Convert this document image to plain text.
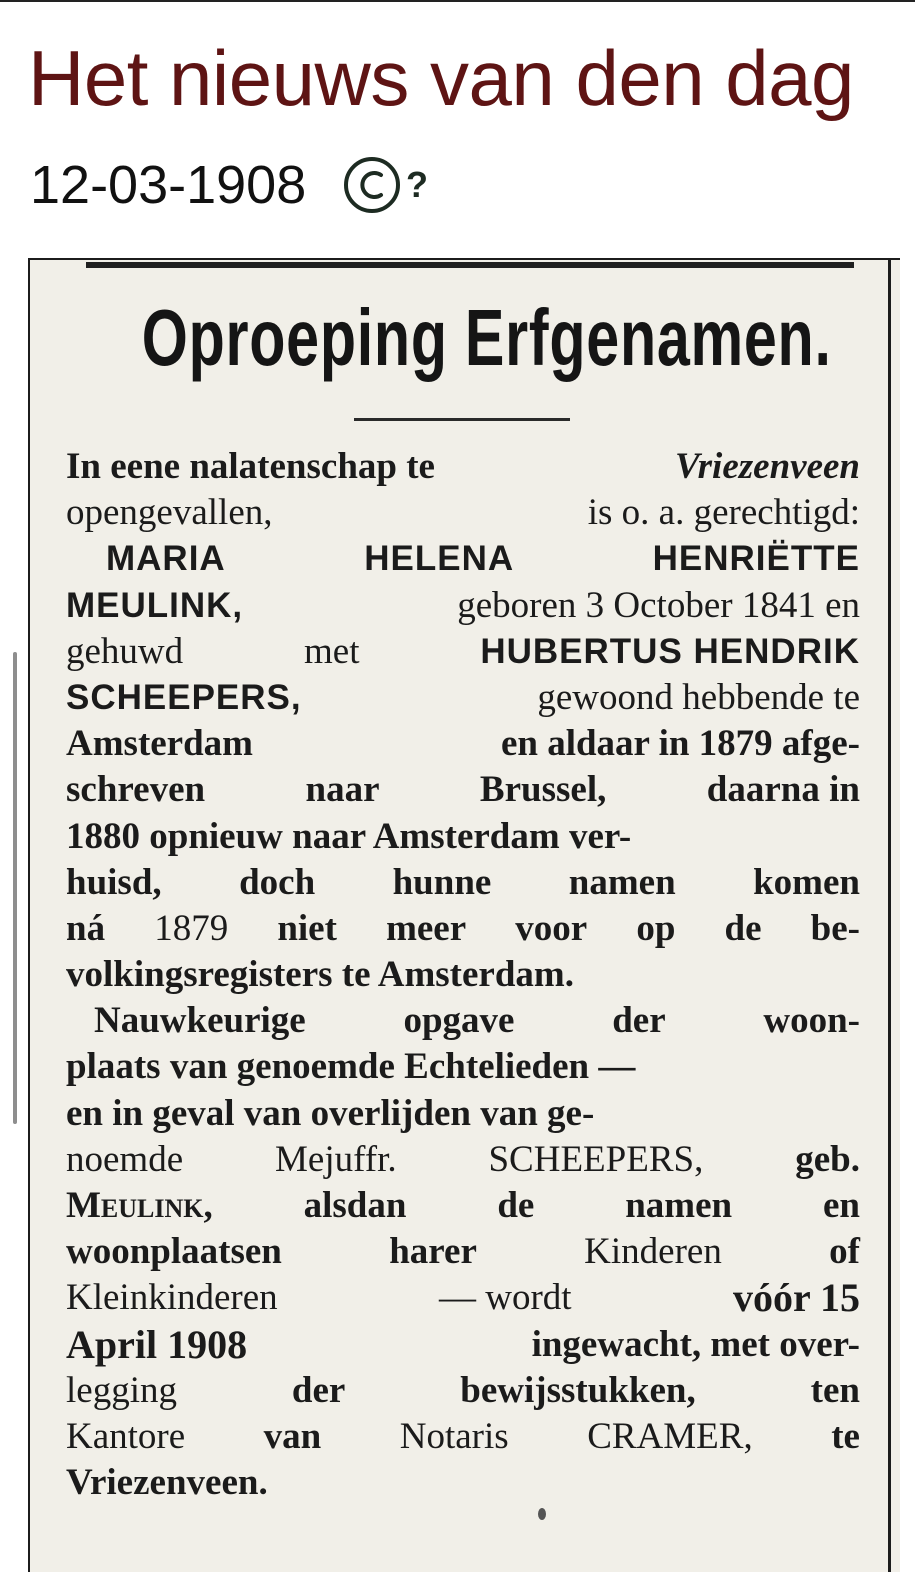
Het nieuws van den dag
12-03-1908	?
Oproeping Erfgenamen.
In eene nalatenschap te	Vriezenveen
opengevallen,	is o. a. gerechtigd:
MARIA	HELENA	HENRIËTTE
MEULINK,	geboren 3 October 1841 en
gehuwd	met	HUBERTUS HENDRIK
SCHEEPERS,	gewoond hebbende te
Amsterdam	en aldaar in 1879 afge-
schreven	naar	Brussel,	daarna in
1880 opnieuw naar Amsterdam ver-
huisd, doch hunne namen komen
ná 1879 niet meer voor op de be-
volkingsregisters te Amsterdam.
Nauwkeurige	opgave	der	woon-
plaats van genoemde Echtelieden —
en in geval van overlijden van ge-
noemde Mejuffr. SCHEEPERS, geb.
Meulink, alsdan de namen en
woonplaatsen	harer	Kinderen	of
Kleinkinderen	— wordt	vóór 15
April 1908	ingewacht, met over-
legging	der	bewijsstukken,	ten
Kantore van Notaris CRAMER, te
Vriezenveen.
